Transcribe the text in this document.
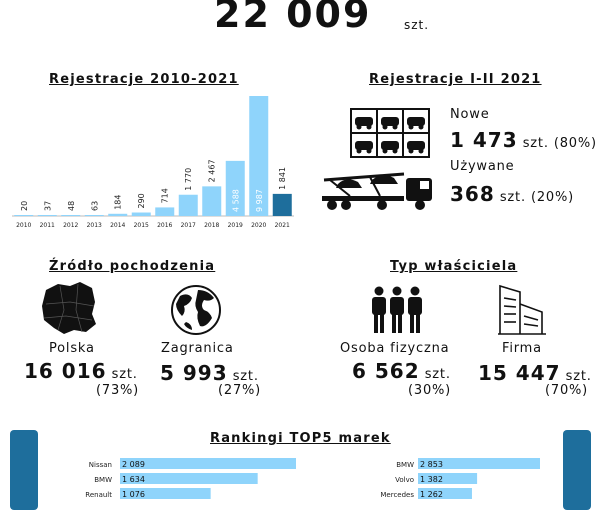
22 009	szt.
Rejestracje 2010-2021
20
2010
37
2011
48
2012
63
2013
184
2014
290
2015
714
2016
1 770
2017
2 467
2018
4 588
2019
9 987
2020
1 841
2021
Rejestracje I-II 2021
Nowe
1 473 szt. (80%)
Używane
368 szt. (20%)
Źródło pochodzenia
Polska
16 016 szt.
(73%)
Zagranica
5 993 szt.
(27%)
Typ właściciela
Osoba fizyczna
6 562 szt.
(30%)
Firma
15 447 szt.
(70%)
Rankingi TOP5 marek
Nissan 2 089
BMW 1 634
Renault 1 076
BMW 2 853
Volvo 1 382
Mercedes 1 262
